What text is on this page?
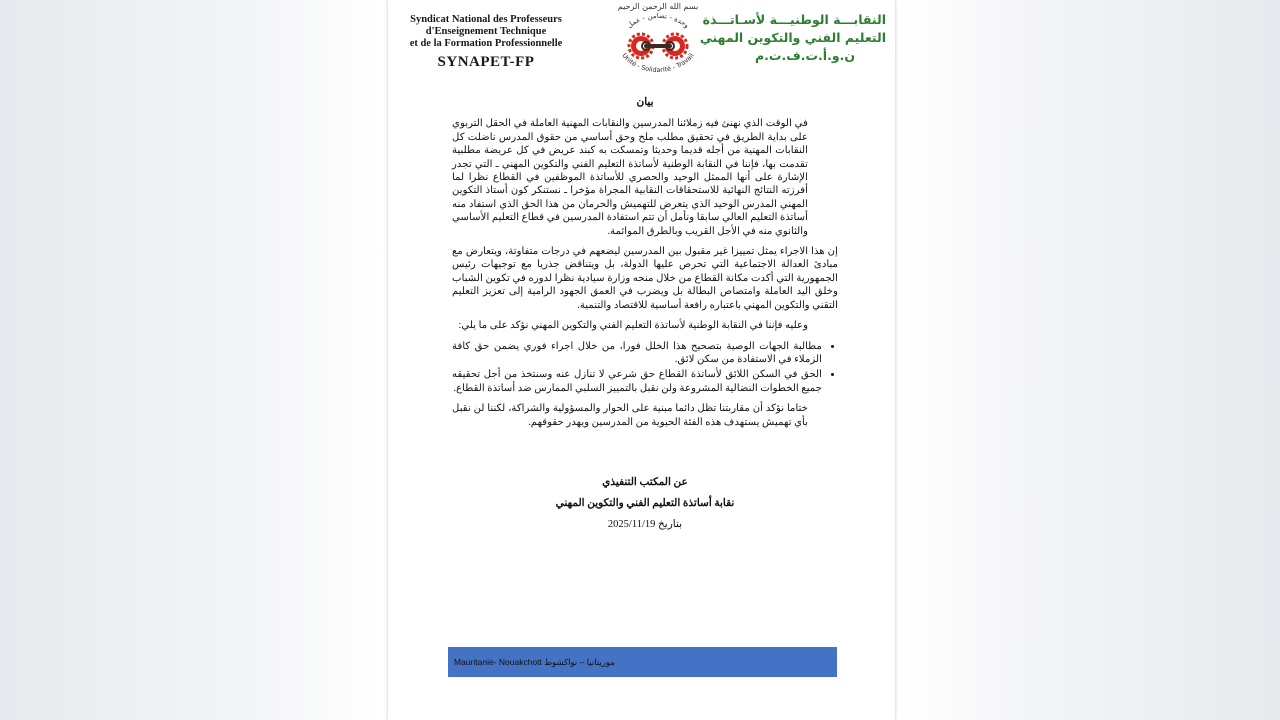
Syndicat National des Professeurs
d'Enseignement Technique
et de la Formation Professionnelle
SYNAPET-FP
بسم الله الرحمن الرحيم
وحدة - تضامن - عمل
Unité - Solidarité - Travail
النقابـــة الوطنيـــة لأسـاتـــذة
التعليم الفني والتكوين المهني
ن.و.أ.ت.ف.ت.م
بيان

في الوقت الذي نهنئ فيه زملائنا المدرسين والنقابات المهنية العاملة في الحقل التربوي على بداية الطريق في تحقيق مطلب ملح وحق أساسي من حقوق المدرس ناضلت كل النقابات المهنية من أجله قديما وحديثا وتمسكت به كبند عريض في كل عريضة مطلبية تقدمت بها، فإننا في النقابة الوطنية لأساتذة التعليم الفني والتكوين المهني ـ التي تجدر الإشارة على أنها الممثل الوحيد والحصري للأساتذة الموظفين في القطاع نظرا لما أفرزته النتائج النهائية للاستحقاقات النقابية المجراة مؤخرا ـ نستنكر كون أستاذ التكوين المهني المدرس الوحيد الذي يتعرض للتهميش والحرمان من هذا الحق الذي استفاد منه أساتذة التعليم العالي سابقا ونأمل أن تتم استفادة المدرسين في قطاع التعليم الأساسي والثانوي منه في الأجل القريب وبالطرق الموائمة.

إن هذا الاجراء يمثل تمييزا غير مقبول بين المدرسين ليضعهم في درجات متفاوتة، ويتعارض مع مبادئ العدالة الاجتماعية التي تحرص عليها الدولة، بل ويتناقض جذريا مع توجيهات رئيس الجمهورية التي أكدت مكانة القطاع من خلال منحه وزارة سيادية نظرا لدوره في تكوين الشباب وخلق اليد العاملة وامتصاص البطالة بل ويضرب في العمق الجهود الرامية إلى تعزيز التعليم التقني والتكوين المهني باعتباره رافعة أساسية للاقتصاد والتنمية.

وعليه فإننا في النقابة الوطنية لأساتذة التعليم الفني والتكوين المهني نؤكد على ما يلي:

• مطالبة الجهات الوصية بتصحيح هذا الخلل فورا، من خلال اجراء فوري يضمن حق كافة الزملاء في الاستفادة من سكن لائق.
• الحق في السكن اللائق لأساتذة القطاع حق شرعي لا تنازل عنه وسنتخذ من أجل تحقيقه جميع الخطوات النضالية المشروعة ولن نقبل بالتمييز السلبي الممارس ضد أساتذة القطاع.

ختاما نؤكد أن مقاربتنا تظل دائما مبنية على الحوار والمسؤولية والشراكة، لكننا لن نقبل بأي تهميش يستهدف هذه الفئة الحيوية من المدرسين ويهدر حقوقهم.

عن المكتب التنفيذي
نقابة أساتذة التعليم الفني والتكوين المهني
بتاريخ 2025/11/19
Mauritanie- Nouakchott موريتانيا – نواكشوط
